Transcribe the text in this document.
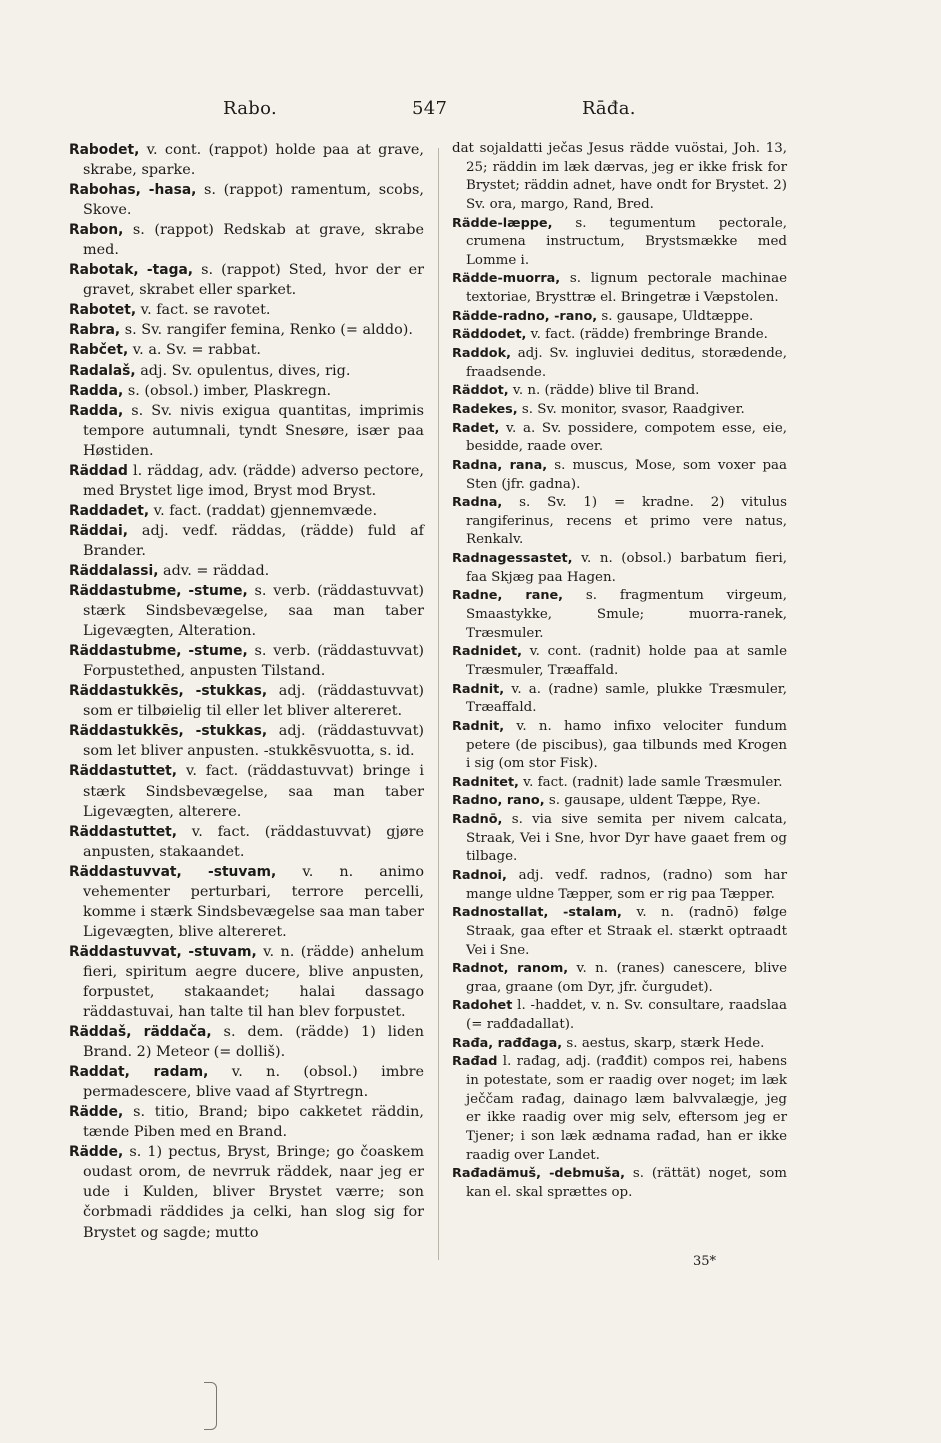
Rabo.	547	Rāđa.

Rabodet, v. cont. (rappot) holde paa at grave, skrabe, sparke.

Rabohas, -hasa, s. (rappot) ramentum, scobs, Skove.

Rabon, s. (rappot) Redskab at grave, skrabe med.

Rabotak, -taga, s. (rappot) Sted, hvor der er gravet, skrabet eller sparket.

Rabotet, v. fact. se ravotet.

Rabra, s. Sv. rangifer femina, Renko (= alddo).

Rabčet, v. a. Sv. = rabbat.

Radalaš, adj. Sv. opulentus, dives, rig.

Radda, s. (obsol.) imber, Plaskregn.

Radda, s. Sv. nivis exigua quantitas, imprimis tempore autumnali, tyndt Snesøre, især paa Høstiden.

Räddad l. räddag, adv. (rädde) adverso pectore, med Brystet lige imod, Bryst mod Bryst.

Raddadet, v. fact. (raddat) gjennemvæde.

Räddai, adj. vedf. räddas, (rädde) fuld af Brander.

Räddalassi, adv. = räddad.

Räddastubme, -stume, s. verb. (räddastuvvat) stærk Sindsbevægelse, saa man taber Ligevægten, Alteration.

Räddastubme, -stume, s. verb. (räddastuvvat) Forpustethed, anpusten Tilstand.

Räddastukkēs, -stukkas, adj. (räddastuvvat) som er tilbøielig til eller let bliver altereret.

Räddastukkēs, -stukkas, adj. (räddastuvvat) som let bliver anpusten. -stukkēsvuotta, s. id.

Räddastuttet, v. fact. (räddastuvvat) bringe i stærk Sindsbevægelse, saa man taber Ligevægten, alterere.

Räddastuttet, v. fact. (räddastuvvat) gjøre anpusten, stakaandet.

Räddastuvvat, -stuvam, v. n. animo vehementer perturbari, terrore percelli, komme i stærk Sindsbevægelse saa man taber Ligevægten, blive altereret.

Räddastuvvat, -stuvam, v. n. (rädde) anhelum fieri, spiritum aegre ducere, blive anpusten, forpustet, stakaandet; halai dassago räddastuvai, han talte til han blev forpustet.

Räddaš, räddača, s. dem. (rädde) 1) liden Brand. 2) Meteor (= dolliš).

Raddat, radam, v. n. (obsol.) imbre permadescere, blive vaad af Styrtregn.

Rädde, s. titio, Brand; bipo cakketet räddin, tænde Piben med en Brand.

Rädde, s. 1) pectus, Bryst, Bringe; go čoaskem oudast orom, de nevrruk räddek, naar jeg er ude i Kulden, bliver Brystet værre; son čorbmadi räddides ja celki, han slog sig for Brystet og sagde; mutto

dat sojaldatti ječas Jesus rädde vuöstai, Joh. 13, 25; räddin im læk dærvas, jeg er ikke frisk for Brystet; räddin adnet, have ondt for Brystet. 2) Sv. ora, margo, Rand, Bred.

Rädde-læppe, s. tegumentum pectorale, crumena instructum, Brystsmække med Lomme i.

Rädde-muorra, s. lignum pectorale machinae textoriae, Brysttræ el. Bringetræ i Væpstolen.

Rädde-radno, -rano, s. gausape, Uldtæppe.

Räddodet, v. fact. (rädde) frembringe Brande.

Raddok, adj. Sv. ingluviei deditus, storædende, fraadsende.

Räddot, v. n. (rädde) blive til Brand.

Radekes, s. Sv. monitor, svasor, Raadgiver.

Radet, v. a. Sv. possidere, compotem esse, eie, besidde, raade over.

Radna, rana, s. muscus, Mose, som voxer paa Sten (jfr. gadna).

Radna, s. Sv. 1) = kradne. 2) vitulus rangiferinus, recens et primo vere natus, Renkalv.

Radnagessastet, v. n. (obsol.) barbatum fieri, faa Skjæg paa Hagen.

Radne, rane, s. fragmentum virgeum, Smaastykke, Smule; muorra-ranek, Træsmuler.

Radnidet, v. cont. (radnit) holde paa at samle Træsmuler, Træaffald.

Radnit, v. a. (radne) samle, plukke Træsmuler, Træaffald.

Radnit, v. n. hamo infixo velociter fundum petere (de piscibus), gaa tilbunds med Krogen i sig (om stor Fisk).

Radnitet, v. fact. (radnit) lade samle Træsmuler.

Radno, rano, s. gausape, uldent Tæppe, Rye.

Radnō, s. via sive semita per nivem calcata, Straak, Vei i Sne, hvor Dyr have gaaet frem og tilbage.

Radnoi, adj. vedf. radnos, (radno) som har mange uldne Tæpper, som er rig paa Tæpper.

Radnostallat, -stalam, v. n. (radnō) følge Straak, gaa efter et Straak el. stærkt optraadt Vei i Sne.

Radnot, ranom, v. n. (ranes) canescere, blive graa, graane (om Dyr, jfr. čurgudet).

Radohet l. -haddet, v. n. Sv. consultare, raadslaa (= rađđadallat).

Rađa, rađđaga, s. aestus, skarp, stærk Hede.

Rađad l. rađag, adj. (rađđit) compos rei, habens in potestate, som er raadig over noget; im læk ječčam rađag, dainago læm balvvalægje, jeg er ikke raadig over mig selv, eftersom jeg er Tjener; i son læk ædnama rađad, han er ikke raadig over Landet.

Rađadämuš, -debmuša, s. (rättät) noget, som kan el. skal sprættes op.

35*
